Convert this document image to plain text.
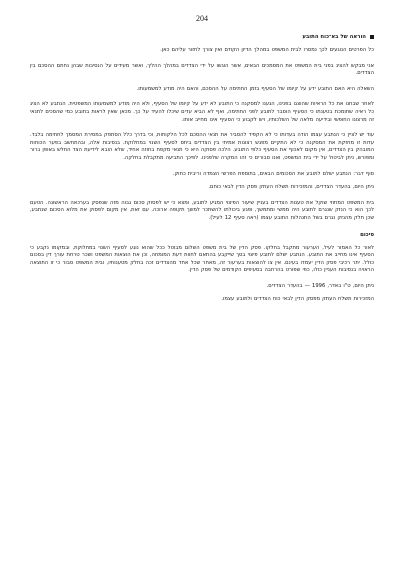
204
הוראה של בא־כוח התובע

כל הפרטים הנוגעים לכך נמסרו לבית המשפט במהלך הדיון הקודם ואין צורך לחזור עליהם כאן.

אני מבקש להציג בפני בית המשפט את המסמכים הבאים, אשר הוגשו על ידי הצדדים במהלך ההליך, ואשר מעידים על הנסיבות שבהן נחתם ההסכם בין הצדדים.

השאלה היא האם התובע ידע על קיומו של הסעיף בזמן החתימה על ההסכם, והאם היה מודע למשמעותו.

לאחר שבחנו את כל הראיות שהוצגו בפנינו, הגענו למסקנה כי התובע לא ידע על קיומו של הסעיף, ולא היה מודע למשמעותו המשפטית. הנתבע לא הציג כל ראיה שתומכת בטענתו כי הסעיף הוסבר לתובע לפני החתימה, ואף לא הביא עדים שיכלו להעיד על כך. מכאן שאין לראות בתובע כמי שהסכים לתנאי זה מרצונו החופשי ובידיעה מלאה של השלכותיו, ויש לקבוע כי הסעיף אינו מחייב אותו.

עוד יש לציין כי הנתבע עצמו הודה בעדותו כי לא הקפיד להסביר את תנאי ההסכם לכל הלקוחות, וכי בדרך כלל הסתפק במסירת המסמך לחתימה בלבד. עדות זו מחזקת את המסקנה כי לא התקיים מפגש רצונות אמיתי בין הצדדים ביחס לסעיף השנוי במחלוקת. בנסיבות אלה, ובהתחשב בפער הכוחות המובהק בין הצדדים, אין מקום לאכוף את הסעיף כלפי התובע. הלכה פסוקה היא כי תנאי מקפח בחוזה אחיד, שלא הובא לידיעת הצד החלש באופן ברור ומפורש, ניתן לביטול על ידי בית המשפט, ואנו סבורים כי זהו המקרה שלפנינו. לפיכך התביעה מתקבלת בחלקה.

סוף דבר: הנתבע ישלם לתובע את הסכומים הבאים, בתוספת הפרשי הצמדה וריבית כחוק.

ניתן היום, בהעדר הצדדים, והמזכירות תשלח העתק פסק הדין לבאי כוחם.

בית המשפט המחוזי שוקל את טענות הצדדים בעניין שיעור הפיצוי המגיע לתובע, ומצא כי יש לפסוק סכום גבוה מזה שנפסק בערכאה הראשונה. הטעם לכך הוא כי הנזק שנגרם לתובע היה ממשי ומתמשך, ופגע ביכולתו להשתכר למשך תקופה ארוכה. עם זאת, אין מקום לפסוק את מלוא הסכום שנתבע, שכן חלק מהנזק נגרם בשל התנהלות התובע עצמו (ראה סעיף 12 לעיל).

סיכום

לאור כל האמור לעיל, הערעור מתקבל בחלקו. פסק הדין של בית משפט השלום מבוטל ככל שהוא נוגע לסעיף השנוי במחלוקת, ובמקומו נקבע כי הסעיף אינו מחייב את התובע. הנתבע ישלם לתובע פיצוי בסך שייקבע בהתאם לחוות דעת המומחה, וכן את הוצאות המשפט ושכר טרחת עורך דין בסכום כולל. יתר רכיבי פסק הדין יעמדו בעינם. אין צו להוצאות בערעור זה, מאחר שכל אחד מהצדדים זכה בחלק מטענותיו, ובית המשפט סבור כי זו התוצאה הראויה בנסיבות העניין כולו, כפי שפורט בהרחבה בסעיפים הקודמים של פסק הדין.

ניתן היום, ט"ו באדר, 1996 — בהעדר הצדדים.

המזכירות תשלח העתק מפסק הדין לבאי כוח הצדדים ולתובע עצמו.
